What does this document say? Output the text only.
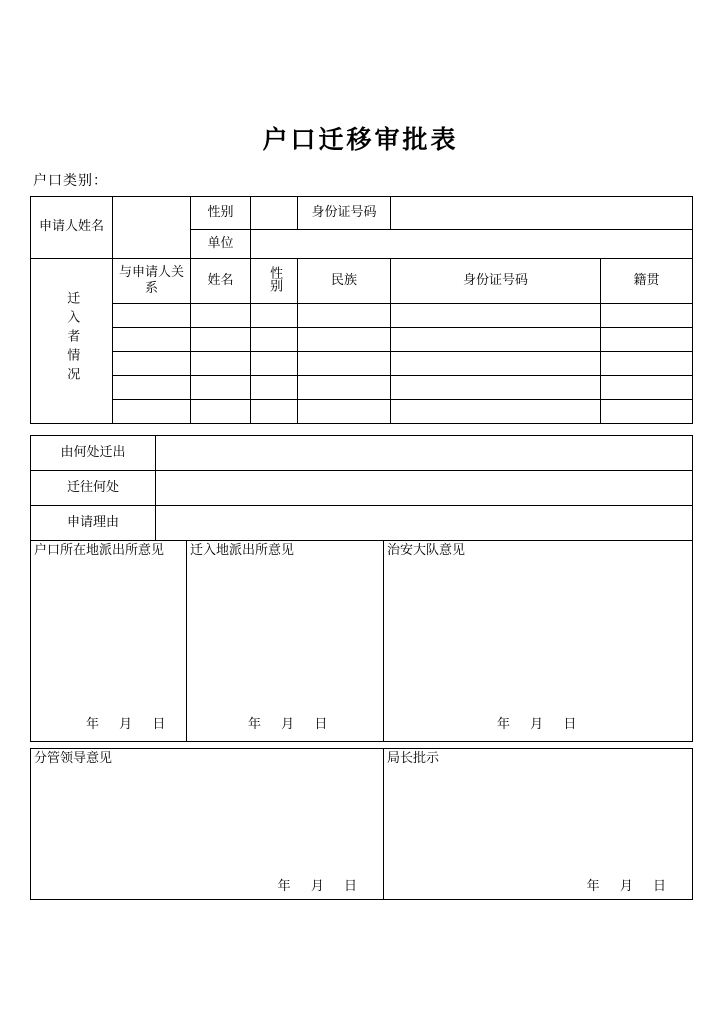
户口迁移审批表
户口类别：
申请人姓名		性别		身份证号码		
		单位				
迁入者情况	与申请人关系	姓名	性别	民族	身份证号码	籍贯

由何处迁出	
迁往何处	
申请理由	
户口所在地派出所意见
年 月 日

迁入地派出所意见
年 月 日

治安大队意见
年 月 日
分管领导意见
年 月 日

局长批示
年 月 日
